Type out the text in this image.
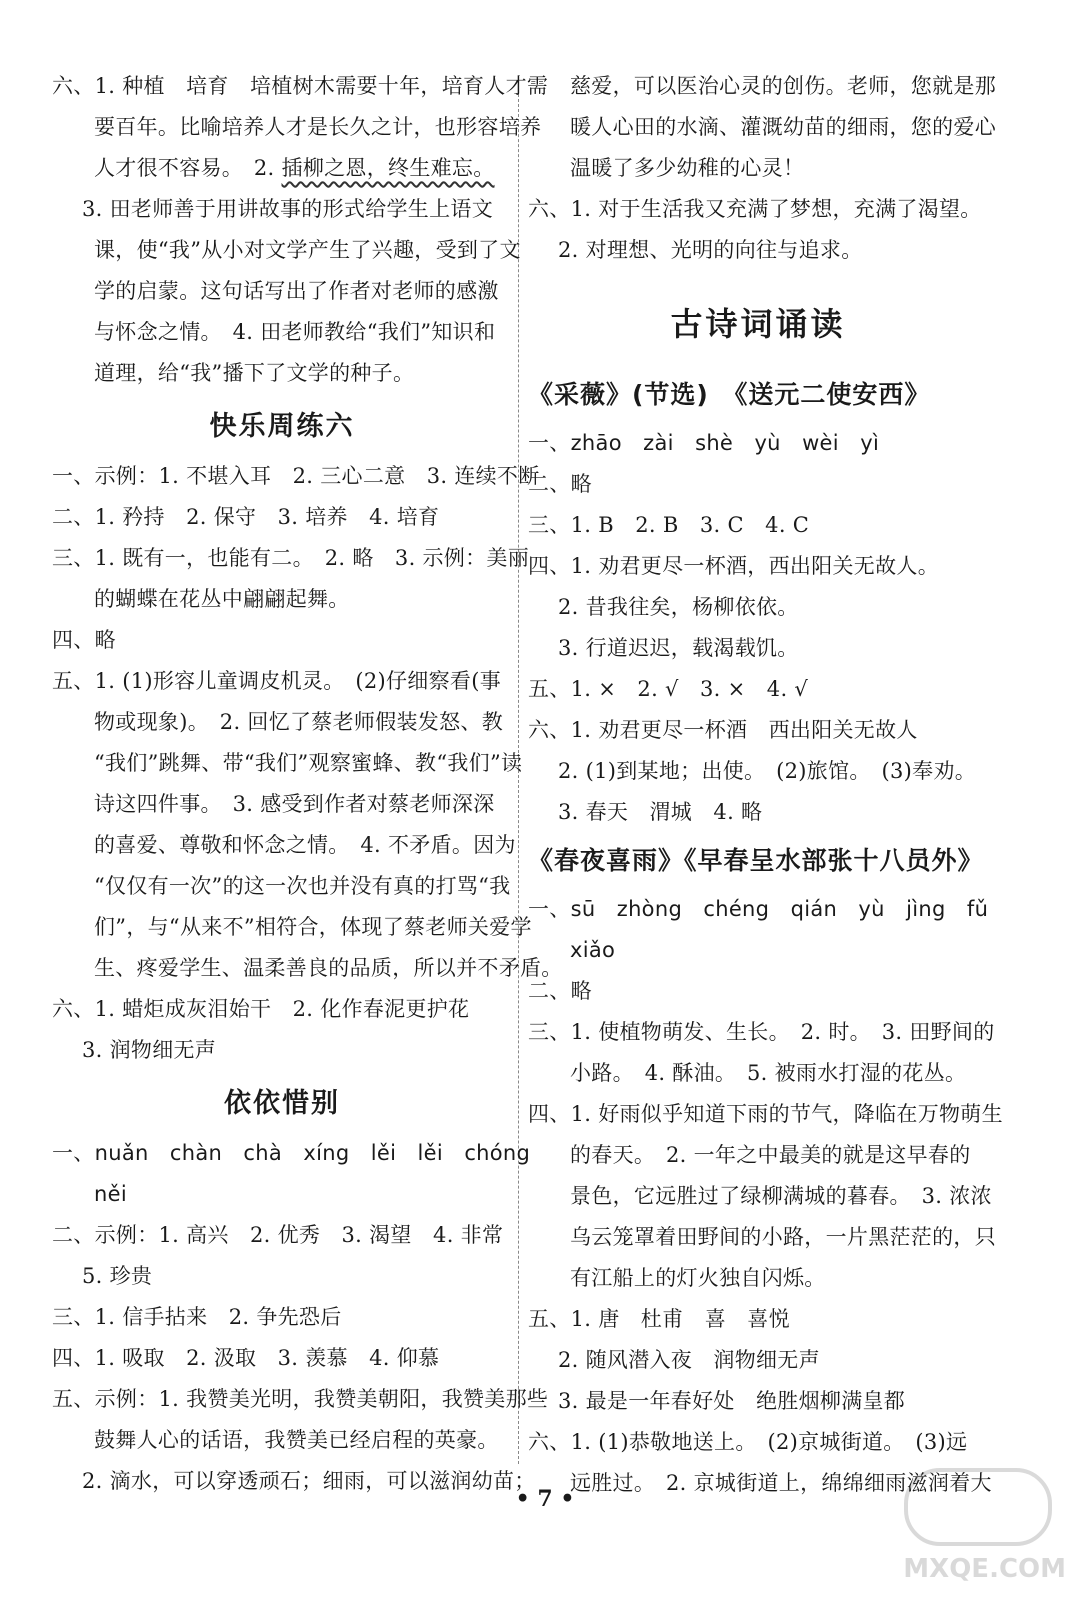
六、1. 种植　培育　培植树木需要十年，培育人才需
要百年。比喻培养人才是长久之计，也形容培养
人才很不容易。　2. 插柳之恩，终生难忘。
3. 田老师善于用讲故事的形式给学生上语文
课，使“我”从小对文学产生了兴趣，受到了文
学的启蒙。这句话写出了作者对老师的感激
与怀念之情。　4. 田老师教给“我们”知识和
道理，给“我”播下了文学的种子。
快乐周练六
一、示例：1. 不堪入耳　2. 三心二意　3. 连续不断
二、1. 矜持　2. 保守　3. 培养　4. 培育
三、1. 既有一，也能有二。　2. 略　3. 示例：美丽
的蝴蝶在花丛中翩翩起舞。
四、略
五、1. (1)形容儿童调皮机灵。　(2)仔细察看(事
物或现象)。　2. 回忆了蔡老师假装发怒、教
“我们”跳舞、带“我们”观察蜜蜂、教“我们”读
诗这四件事。　3. 感受到作者对蔡老师深深
的喜爱、尊敬和怀念之情。　4. 不矛盾。因为
“仅仅有一次”的这一次也并没有真的打骂“我
们”，与“从来不”相符合，体现了蔡老师关爱学
生、疼爱学生、温柔善良的品质，所以并不矛盾。
六、1. 蜡炬成灰泪始干　2. 化作春泥更护花
3. 润物细无声
依依惜别
一、nuǎn　chàn　chà　xíng　lěi　lěi　chóng
něi
二、示例：1. 高兴　2. 优秀　3. 渴望　4. 非常
5. 珍贵
三、1. 信手拈来　2. 争先恐后
四、1. 吸取　2. 汲取　3. 羡慕　4. 仰慕
五、示例：1. 我赞美光明，我赞美朝阳，我赞美那些
鼓舞人心的话语，我赞美已经启程的英豪。
2. 滴水，可以穿透顽石；细雨，可以滋润幼苗；
慈爱，可以医治心灵的创伤。老师，您就是那
暖人心田的水滴、灌溉幼苗的细雨，您的爱心
温暖了多少幼稚的心灵！
六、1. 对于生活我又充满了梦想，充满了渴望。
2. 对理想、光明的向往与追求。
古诗词诵读
《采薇》(节选)　《送元二使安西》
一、zhāo　zài　shè　yù　wèi　yì
二、略
三、1. B　2. B　3. C　4. C
四、1. 劝君更尽一杯酒，西出阳关无故人。
2. 昔我往矣，杨柳依依。
3. 行道迟迟，载渴载饥。
五、1. ×　2. √　3. ×　4. √
六、1. 劝君更尽一杯酒　西出阳关无故人
2. (1)到某地；出使。　(2)旅馆。　(3)奉劝。
3. 春天　渭城　4. 略
《春夜喜雨》《早春呈水部张十八员外》
一、sū　zhòng　chéng　qián　yù　jìng　fǔ
xiǎo
二、略
三、1. 使植物萌发、生长。　2. 时。　3. 田野间的
小路。　4. 酥油。　5. 被雨水打湿的花丛。
四、1. 好雨似乎知道下雨的节气，降临在万物萌生
的春天。　2. 一年之中最美的就是这早春的
景色，它远胜过了绿柳满城的暮春。　3. 浓浓
乌云笼罩着田野间的小路，一片黑茫茫的，只
有江船上的灯火独自闪烁。
五、1. 唐　杜甫　喜　喜悦
2. 随风潜入夜　润物细无声
3. 最是一年春好处　绝胜烟柳满皇都
六、1. (1)恭敬地送上。　(2)京城街道。　(3)远
远胜过。　2. 京城街道上，绵绵细雨滋润着大
• 7 •
MXQE.COM
